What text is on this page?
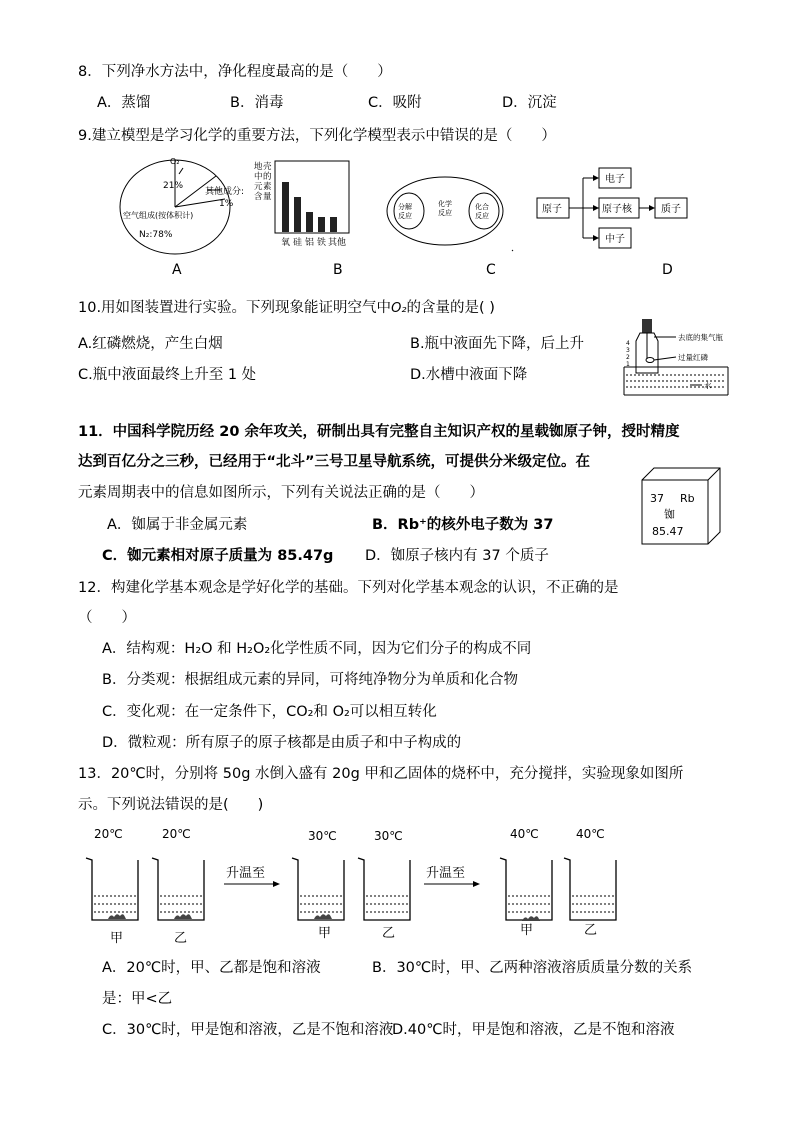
8．下列净水方法中，净化程度最高的是（　　）
A．蒸馏	B．消毒	C．吸附	D．沉淀
9.建立模型是学习化学的重要方法，下列化学模型表示中错误的是（　　）
O₂
21%
其他成分:
1%
空气组成(按体积计)
N₂:78%
地 壳
中 的
元 素
含 量
氧 硅 铝 铁 其他
分解
反应
化学
反应
化合
反应
原子	原子核
电子
中子
质子
A	B	C	D
10.用如图装置进行实验。下列现象能证明空气中O₂的含量的是( )
A.红磷燃烧，产生白烟	B.瓶中液面先下降，后上升
C.瓶中液面最终上升至 1 处	D.水槽中液面下降
4
3
2
1
去底的集气瓶
过量红磷
水
11．中国科学院历经 20 余年攻关，研制出具有完整自主知识产权的星载铷原子钟，授时精度
达到百亿分之三秒，已经用于“北斗”三号卫星导航系统，可提供分米级定位。在
元素周期表中的信息如图所示，下列有关说法正确的是（　　）
A．铷属于非金属元素	B．Rb⁺的核外电子数为 37
C．铷元素相对原子质量为 85.47g D．铷原子核内有 37 个质子
37 Rb
铷
85.47
12．构建化学基本观念是学好化学的基础。下列对化学基本观念的认识，不正确的是
（　　）
A．结构观：H₂O 和 H₂O₂化学性质不同，因为它们分子的构成不同
B．分类观：根据组成元素的异同，可将纯净物分为单质和化合物
C．变化观：在一定条件下，CO₂和 O₂可以相互转化
D．微粒观：所有原子的原子核都是由质子和中子构成的
13．20℃时，分别将 50g 水倒入盛有 20g 甲和乙固体的烧杯中，充分搅拌，实验现象如图所
示。下列说法错误的是(　　)
升温至	升温至
20℃	20℃	30℃	30℃	40℃	40℃
甲	乙	甲	乙	甲	乙
A．20℃时，甲、乙都是饱和溶液	B．30℃时，甲、乙两种溶液溶质质量分数的关系
是：甲<乙
C．30℃时，甲是饱和溶液，乙是不饱和溶液
D.40℃时，甲是饱和溶液，乙是不饱和溶液
